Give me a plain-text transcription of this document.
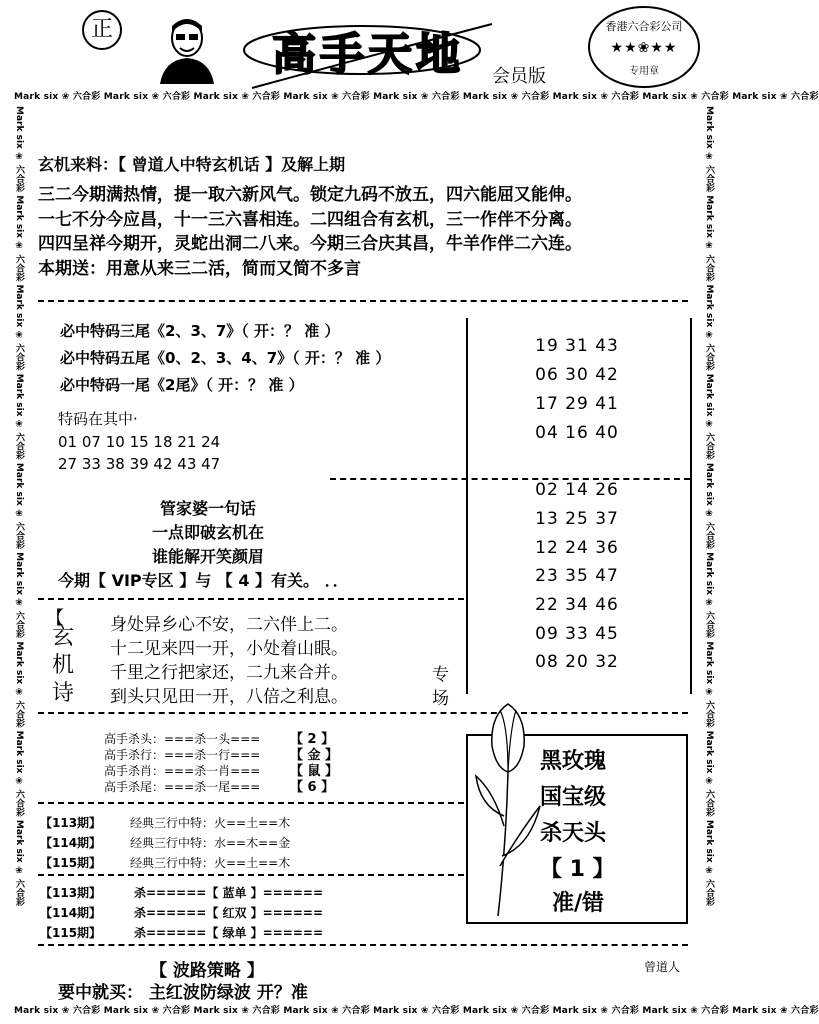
正	高手天地 会员版
香港六合彩公司
★★❀★★
专用章
Mark six ❀ 六合彩 Mark six ❀ 六合彩 Mark six ❀ 六合彩 Mark six ❀ 六合彩 Mark six ❀ 六合彩 Mark six ❀ 六合彩 Mark six ❀ 六合彩 Mark six ❀ 六合彩 Mark six ❀ 六合彩
Mark six ❀ 六合彩 Mark six ❀ 六合彩 Mark six ❀ 六合彩 Mark six ❀ 六合彩 Mark six ❀ 六合彩 Mark six ❀ 六合彩 Mark six ❀ 六合彩 Mark six ❀ 六合彩 Mark six ❀ 六合彩
Mark six ❀ 六合彩 Mark six ❀ 六合彩 Mark six ❀ 六合彩 Mark six ❀ 六合彩 Mark six ❀ 六合彩 Mark six ❀ 六合彩 Mark six ❀ 六合彩 Mark six ❀ 六合彩 Mark six ❀ 六合彩	Mark six ❀ 六合彩 Mark six ❀ 六合彩 Mark six ❀ 六合彩 Mark six ❀ 六合彩 Mark six ❀ 六合彩 Mark six ❀ 六合彩 Mark six ❀ 六合彩 Mark six ❀ 六合彩 Mark six ❀ 六合彩
玄机来料：【 曾道人中特玄机话 】及解上期
三二今期满热情，提一取六新风气。锁定九码不放五，四六能屈又能伸。
一七不分今应昌，十一三六喜相连。二四组合有玄机，三一作伴不分离。
四四呈祥今期开，灵蛇出洞二八来。今期三合庆其昌，牛羊作伴二六连。
本期送：用意从来三二活，简而又简不多言
19 31 43
06 30 42
17 29 41
04 16 40
02 14 26
13 25 37
12 24 36
23 35 47
22 34 46
09 33 45
08 20 32
必中特码三尾《2、3、7》（ 开：？ 准 ）
必中特码五尾《0、2、3、4、7》（ 开：？ 准 ）
必中特码一尾《2尾》（ 开：？ 准 ）
特码在其中·
01 07 10 15 18 21 24
27 33 38 39 42 43 47
管家婆一句话
一点即破玄机在
谁能解开笑颜眉
今期【 VIP专区 】与 【 4 】有关。 ．．
【
玄
机
诗
身处异乡心不安，二六伴上二。
十二见来四一开，小处着山眼。
千里之行把家还，二九来合并。
到头只见田一开，八倍之利息。
专
场
高手杀头：===杀一头=== 【 2 】
高手杀行：===杀一行=== 【 金 】
高手杀肖：===杀一肖=== 【 鼠 】
高手杀尾：===杀一尾=== 【 6 】
黑玫瑰
国宝级
杀天头
【 1 】
准/错
【113期】 经典三行中特：火==土==木
【114期】 经典三行中特：水==木==金
【115期】 经典三行中特：火==土==木
【113期】	杀======【 蓝单 】======
【114期】	杀======【 红双 】======
【115期】	杀======【 绿单 】======
【 波路策略 】	曾道人
要中就买： 主红波防绿波 开？准
